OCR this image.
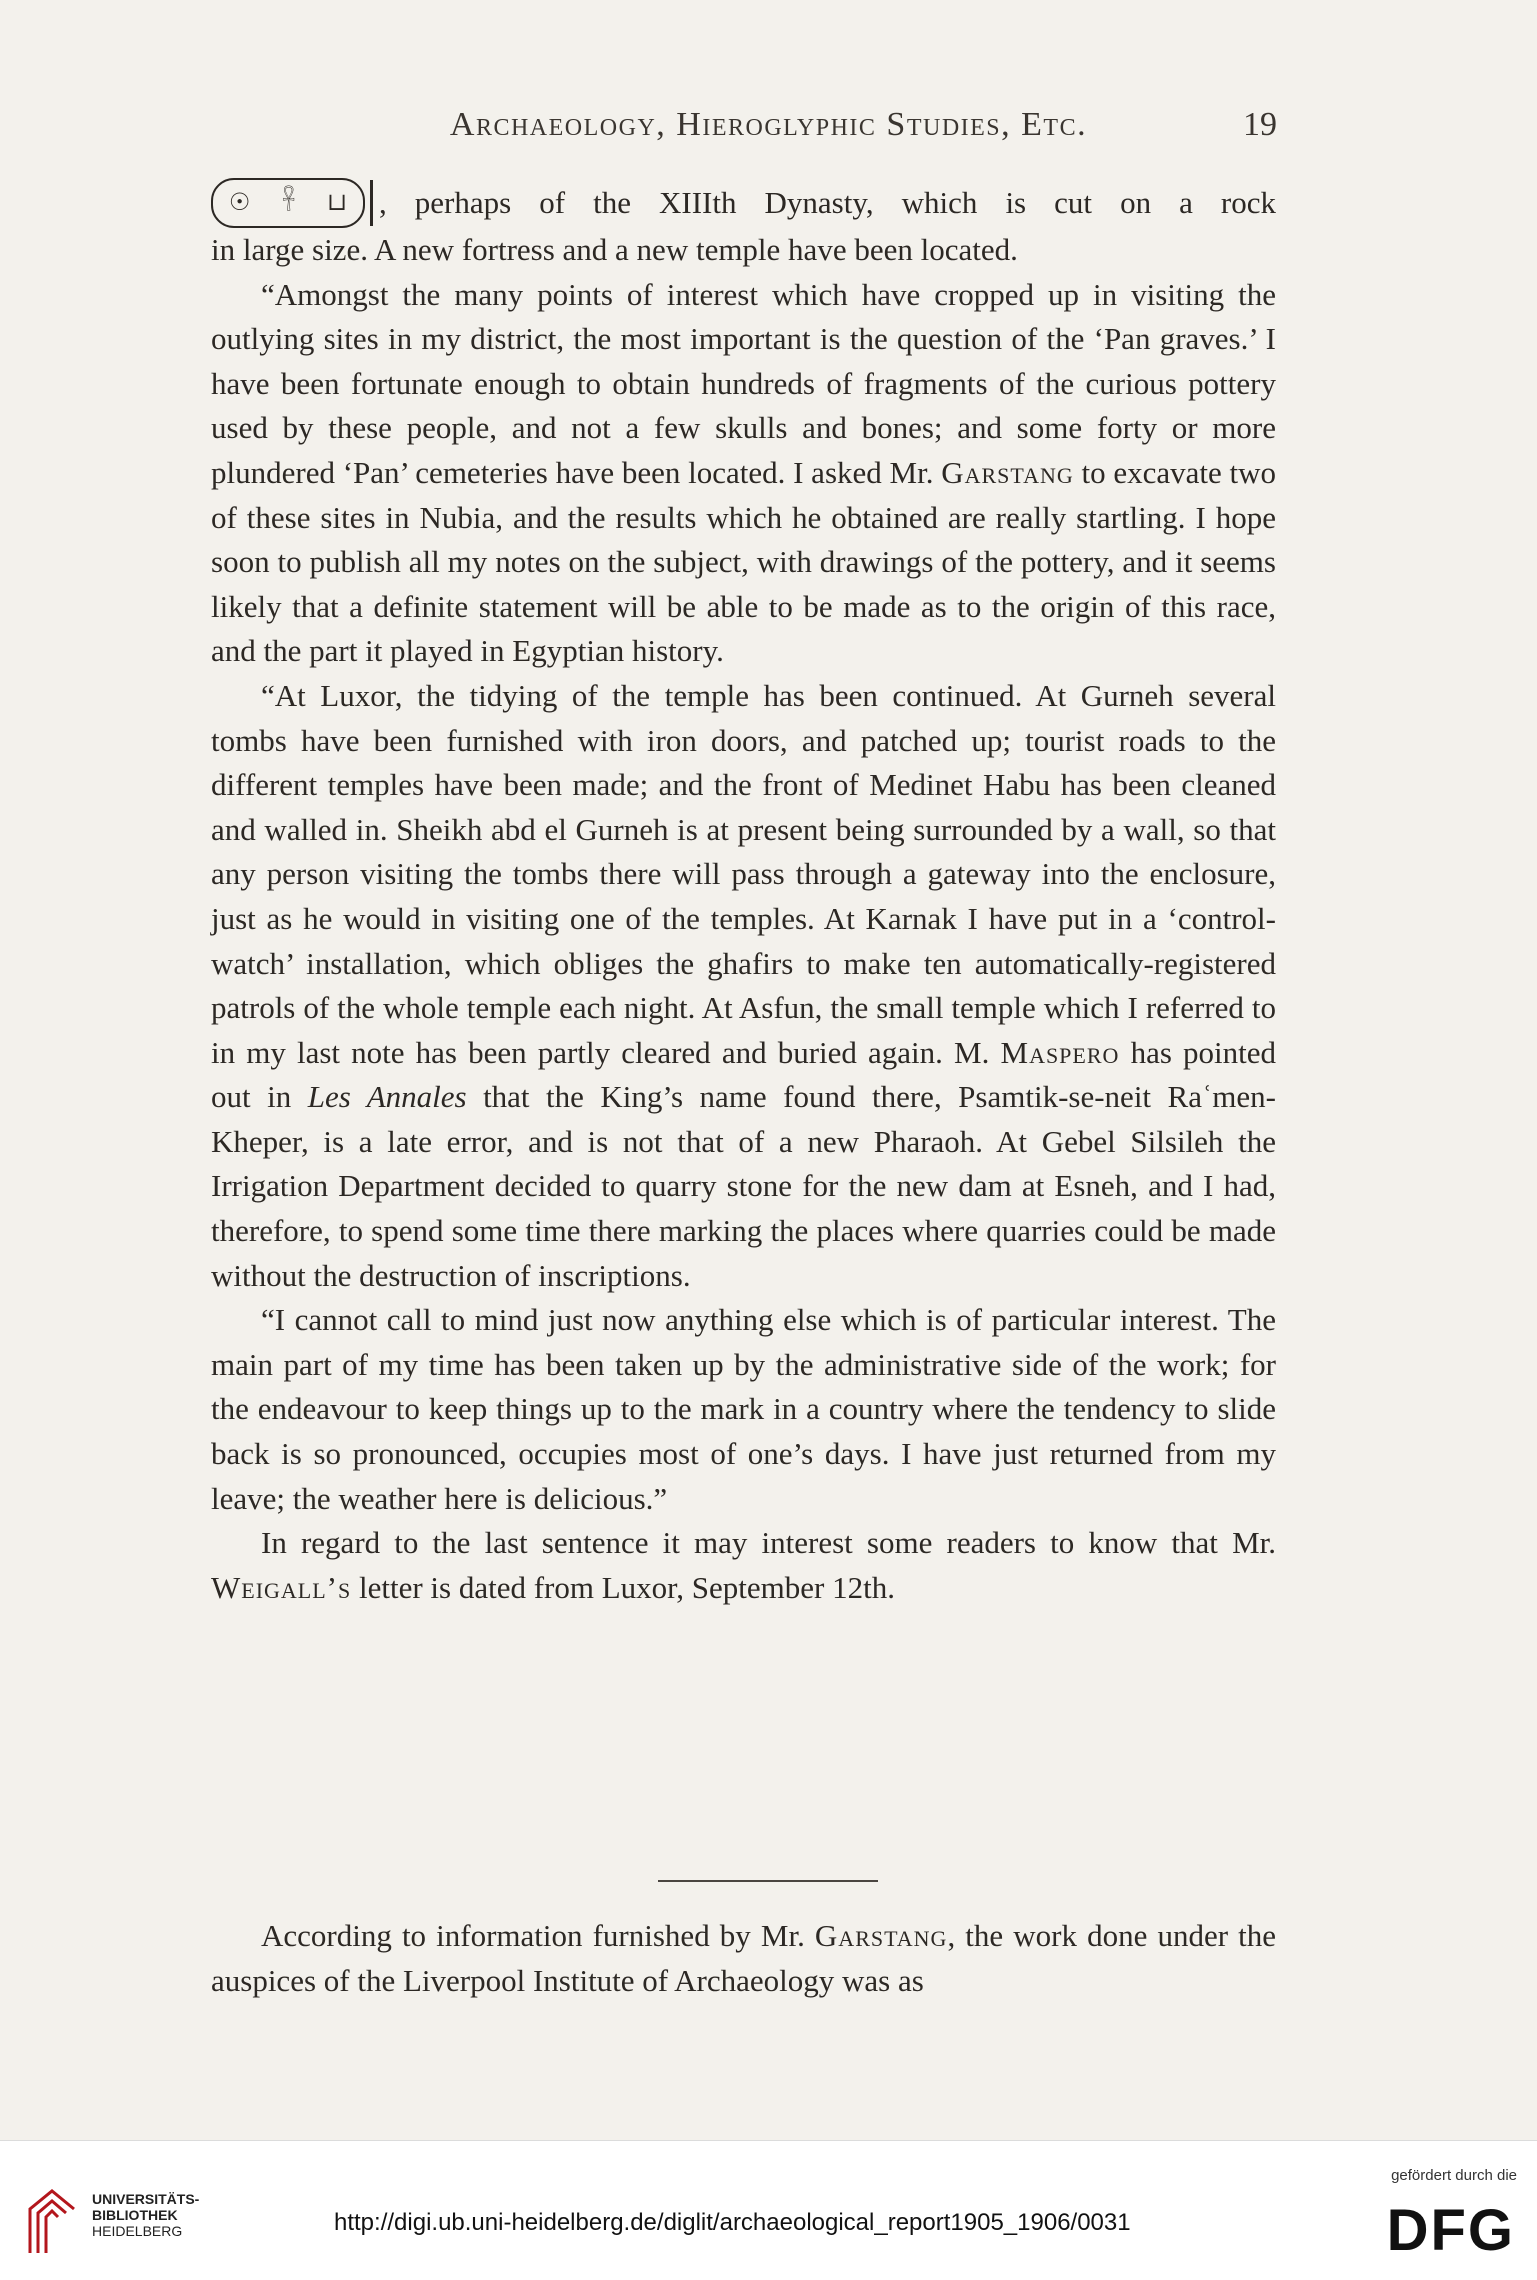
Archaeology, Hieroglyphic Studies, Etc.	19
☉ 𓋹 ⊔ , perhaps of the XIIIth Dynasty, which is cut on a rock

in large size. A new fortress and a new temple have been located.

“Amongst the many points of interest which have cropped up in visiting the outlying sites in my district, the most important is the question of the ‘Pan graves.’ I have been fortunate enough to obtain hundreds of fragments of the curious pottery used by these people, and not a few skulls and bones; and some forty or more plundered ‘Pan’ cemeteries have been located. I asked Mr. Garstang to excavate two of these sites in Nubia, and the results which he obtained are really startling. I hope soon to publish all my notes on the subject, with drawings of the pottery, and it seems likely that a definite statement will be able to be made as to the origin of this race, and the part it played in Egyptian history.

“At Luxor, the tidying of the temple has been continued. At Gurneh several tombs have been furnished with iron doors, and patched up; tourist roads to the different temples have been made; and the front of Medinet Habu has been cleaned and walled in. Sheikh abd el Gurneh is at present being surrounded by a wall, so that any person visiting the tombs there will pass through a gateway into the enclosure, just as he would in visiting one of the temples. At Karnak I have put in a ‘control-watch’ installation, which obliges the ghafirs to make ten automatically-registered patrols of the whole temple each night. At Asfun, the small temple which I referred to in my last note has been partly cleared and buried again. M. Maspero has pointed out in Les Annales that the King’s name found there, Psamtik-se-neit Raʿmen-Kheper, is a late error, and is not that of a new Pharaoh. At Gebel Silsileh the Irrigation Department decided to quarry stone for the new dam at Esneh, and I had, therefore, to spend some time there marking the places where quarries could be made without the destruction of inscriptions.

“I cannot call to mind just now anything else which is of particular interest. The main part of my time has been taken up by the administrative side of the work; for the endeavour to keep things up to the mark in a country where the tendency to slide back is so pronounced, occupies most of one’s days. I have just returned from my leave; the weather here is delicious.”

In regard to the last sentence it may interest some readers to know that Mr. Weigall’s letter is dated from Luxor, September 12th.

According to information furnished by Mr. Garstang, the work done under the auspices of the Liverpool Institute of Archaeology was as

UNIVERSITÄTS-
BIBLIOTHEK
HEIDELBERG	http://digi.ub.uni-heidelberg.de/diglit/archaeological_report1905_1906/0031
gefördert durch die
DFG
